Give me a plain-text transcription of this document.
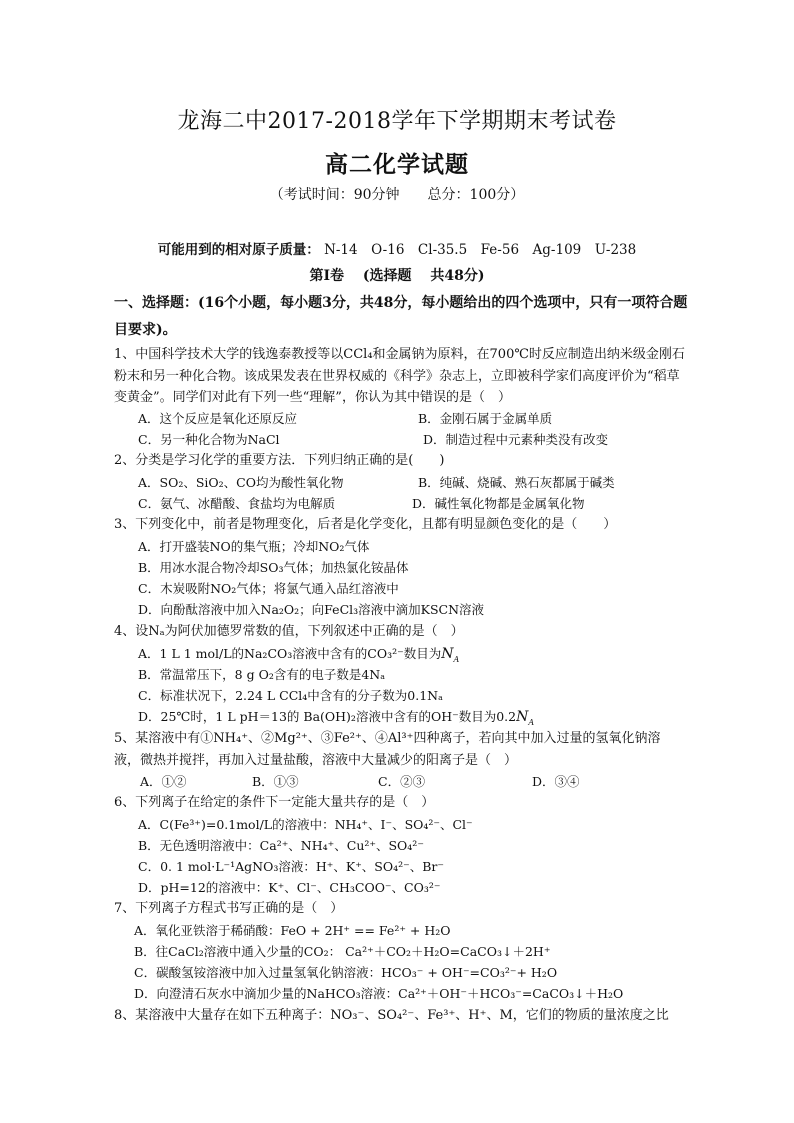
龙海二中2017-2018学年下学期期末考试卷
高二化学试题
（考试时间：90分钟　　总分：100分）
可能用到的相对原子质量： N-14　O-16　Cl-35.5　Fe-56　Ag-109　U-238
第Ⅰ卷　 (选择题　 共48分)
一、选择题：(16个小题，每小题3分，共48分，每小题给出的四个选项中，只有一项符合题目要求)。
1、中国科学技术大学的钱逸泰教授等以CCl₄和金属钠为原料，在700℃时反应制造出纳米级金刚石粉末和另一种化合物。该成果发表在世界权威的《科学》杂志上，立即被科学家们高度评价为“稻草变黄金”。同学们对此有下列一些“理解”，你认为其中错误的是（　）
A．这个反应是氧化还原反应	B．金刚石属于金属单质
C．另一种化合物为NaCl	D．制造过程中元素种类没有改变
2、分类是学习化学的重要方法．下列归纳正确的是(　　)
A．SO₂、SiO₂、CO均为酸性氧化物	B．纯碱、烧碱、熟石灰都属于碱类
C．氨气、冰醋酸、食盐均为电解质	D．碱性氧化物都是金属氧化物
3、下列变化中，前者是物理变化，后者是化学变化，且都有明显颜色变化的是（　　）
A．打开盛装NO的集气瓶；冷却NO₂气体
B．用冰水混合物冷却SO₃气体；加热氯化铵晶体
C．木炭吸附NO₂气体；将氯气通入品红溶液中
D．向酚酞溶液中加入Na₂O₂；向FeCl₃溶液中滴加KSCN溶液
4、设Nₐ为阿伏加德罗常数的值，下列叙述中正确的是（　）
A．1 L 1 mol/L的Na₂CO₃溶液中含有的CO₃²⁻数目为$N_A$
B．常温常压下，8 g O₂含有的电子数是4Nₐ
C．标准状况下，2.24 L CCl₄中含有的分子数为0.1Nₐ
D．25℃时，1 L pH＝13的 Ba(OH)₂溶液中含有的OH⁻数目为$0.2N_A$
5、某溶液中有①NH₄⁺、②Mg²⁺、③Fe²⁺、④Al³⁺四种离子，若向其中加入过量的氢氧化钠溶液，微热并搅拌，再加入过量盐酸，溶液中大量减少的阳离子是（　）
A．①②	B．①③	C．②③	D．③④
6、下列离子在给定的条件下一定能大量共存的是（　）
A．C(Fe³⁺)=0.1mol/L的溶液中：NH₄⁺、I⁻、SO₄²⁻、Cl⁻
B．无色透明溶液中：Ca²⁺、NH₄⁺、Cu²⁺、SO₄²⁻
C．0. 1 mol·L⁻¹AgNO₃溶液：H⁺、K⁺、SO₄²⁻、Br⁻
D．pH=12的溶液中：K⁺、Cl⁻、CH₃COO⁻、CO₃²⁻
7、下列离子方程式书写正确的是（　）
A．氧化亚铁溶于稀硝酸：FeO + 2H⁺ == Fe²⁺ + H₂O
B．往CaCl₂溶液中通入少量的CO₂： Ca²⁺＋CO₂＋H₂O=CaCO₃↓＋2H⁺
C．碳酸氢铵溶液中加入过量氢氧化钠溶液：HCO₃⁻ + OH⁻=CO₃²⁻+ H₂O
D．向澄清石灰水中滴加少量的NaHCO₃溶液：Ca²⁺＋OH⁻＋HCO₃⁻=CaCO₃↓＋H₂O
8、某溶液中大量存在如下五种离子：NO₃⁻、SO₄²⁻、Fe³⁺、H⁺、M，它们的物质的量浓度之比
